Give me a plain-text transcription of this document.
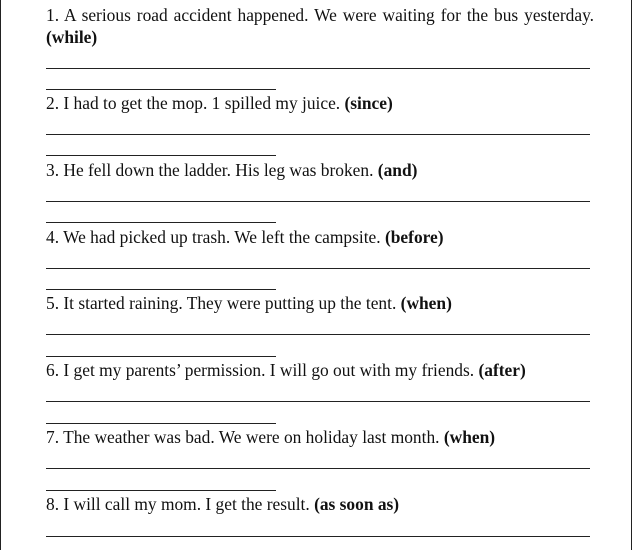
1. A serious road accident happened. We were waiting for the bus yesterday. (while)
2. I had to get the mop. 1 spilled my juice. (since)
3. He fell down the ladder. His leg was broken. (and)
4. We had picked up trash. We left the campsite. (before)
5. It started raining. They were putting up the tent. (when)
6. I get my parents’ permission. I will go out with my friends. (after)
7. The weather was bad. We were on holiday last month. (when)
8. I will call my mom. I get the result. (as soon as)
